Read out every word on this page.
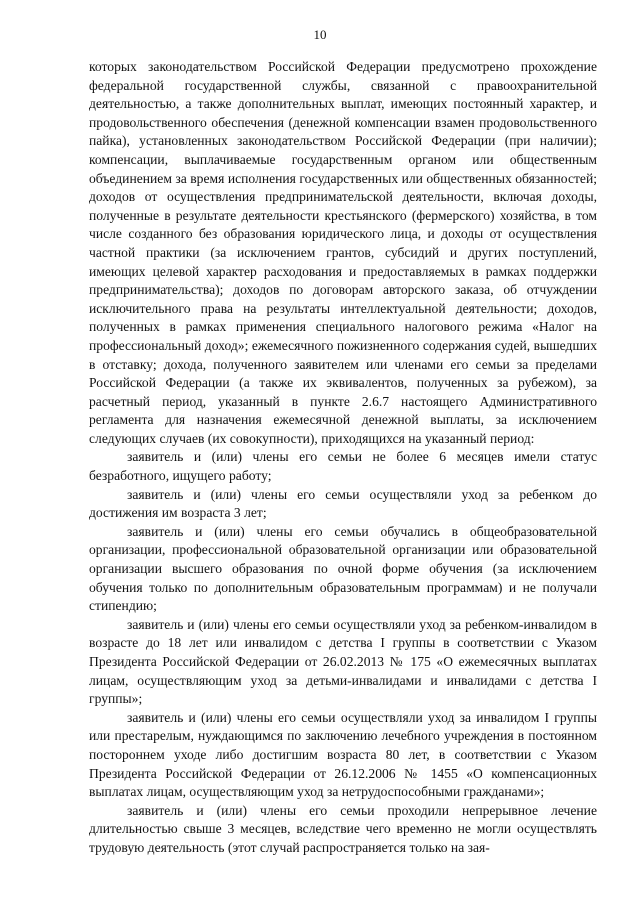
10

которых законодательством Российской Федерации предусмотрено прохождение федеральной государственной службы, связанной с правоохранительной деятельностью, а также дополнительных выплат, имеющих постоянный характер, и продовольственного обеспечения (денежной компенсации взамен продовольственного пайка), установленных законодательством Российской Федерации (при наличии); компенсации, выплачиваемые государственным органом или общественным объединением за время исполнения государственных или общественных обязанностей; доходов от осуществления предпринимательской деятельности, включая доходы, полученные в результате деятельности крестьянского (фермерского) хозяйства, в том числе созданного без образования юридического лица, и доходы от осуществления частной практики (за исключением грантов, субсидий и других поступлений, имеющих целевой характер расходования и предоставляемых в рамках поддержки предпринимательства); доходов по договорам авторского заказа, об отчуждении исключительного права на результаты интеллектуальной деятельности; доходов, полученных в рамках применения специального налогового режима «Налог на профессиональный доход»; ежемесячного пожизненного содержания судей, вышедших в отставку; дохода, полученного заявителем или членами его семьи за пределами Российской Федерации (а также их эквивалентов, полученных за рубежом), за расчетный период, указанный в пункте 2.6.7 настоящего Административного регламента для назначения ежемесячной денежной выплаты, за исключением следующих случаев (их совокупности), приходящихся на указанный период:

заявитель и (или) члены его семьи не более 6 месяцев имели статус безработного, ищущего работу;

заявитель и (или) члены его семьи осуществляли уход за ребенком до достижения им возраста 3 лет;

заявитель и (или) члены его семьи обучались в общеобразовательной организации, профессиональной образовательной организации или образовательной организации высшего образования по очной форме обучения (за исключением обучения только по дополнительным образовательным программам) и не получали стипендию;

заявитель и (или) члены его семьи осуществляли уход за ребенком-инвалидом в возрасте до 18 лет или инвалидом с детства I группы в соответствии с Указом Президента Российской Федерации от 26.02.2013 № 175 «О ежемесячных выплатах лицам, осуществляющим уход за детьми-инвалидами и инвалидами с детства I группы»;

заявитель и (или) члены его семьи осуществляли уход за инвалидом I группы или престарелым, нуждающимся по заключению лечебного учреждения в постоянном постороннем уходе либо достигшим возраста 80 лет, в соответствии с Указом Президента Российской Федерации от 26.12.2006 № 1455 «О компенсационных выплатах лицам, осуществляющим уход за нетрудоспособными гражданами»;

заявитель и (или) члены его семьи проходили непрерывное лечение длительностью свыше 3 месяцев, вследствие чего временно не могли осуществлять трудовую деятельность (этот случай распространяется только на зая-
